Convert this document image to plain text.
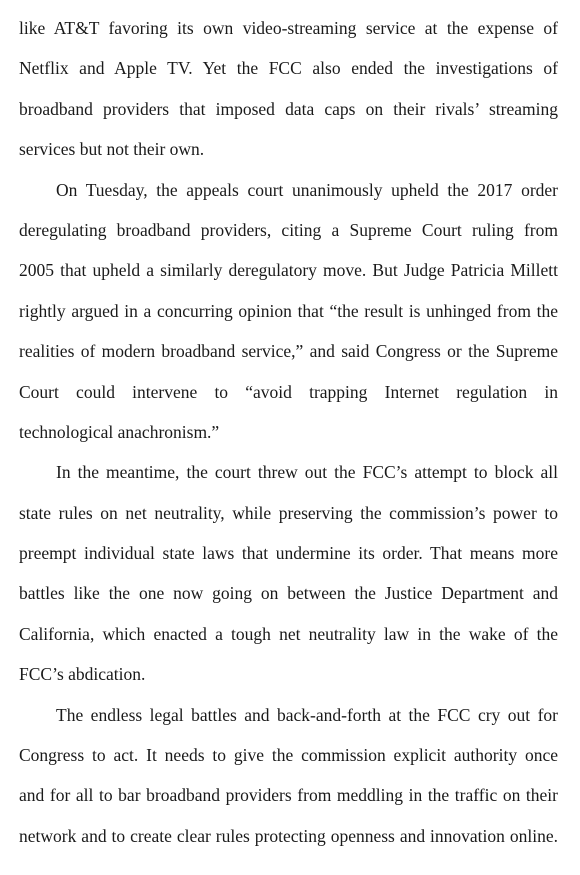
like AT&T favoring its own video-streaming service at the expense of
Netflix and Apple TV. Yet the FCC also ended the investigations of
broadband providers that imposed data caps on their rivals’ streaming
services but not their own.
On Tuesday, the appeals court unanimously upheld the 2017 order
deregulating broadband providers, citing a Supreme Court ruling from
2005 that upheld a similarly deregulatory move. But Judge Patricia Millett
rightly argued in a concurring opinion that “the result is unhinged from the
realities of modern broadband service,” and said Congress or the Supreme
Court could intervene to “avoid trapping Internet regulation in
technological anachronism.”
In the meantime, the court threw out the FCC’s attempt to block all
state rules on net neutrality, while preserving the commission’s power to
preempt individual state laws that undermine its order. That means more
battles like the one now going on between the Justice Department and
California, which enacted a tough net neutrality law in the wake of the
FCC’s abdication.
The endless legal battles and back-and-forth at the FCC cry out for
Congress to act. It needs to give the commission explicit authority once
and for all to bar broadband providers from meddling in the traffic on their
network and to create clear rules protecting openness and innovation online.
